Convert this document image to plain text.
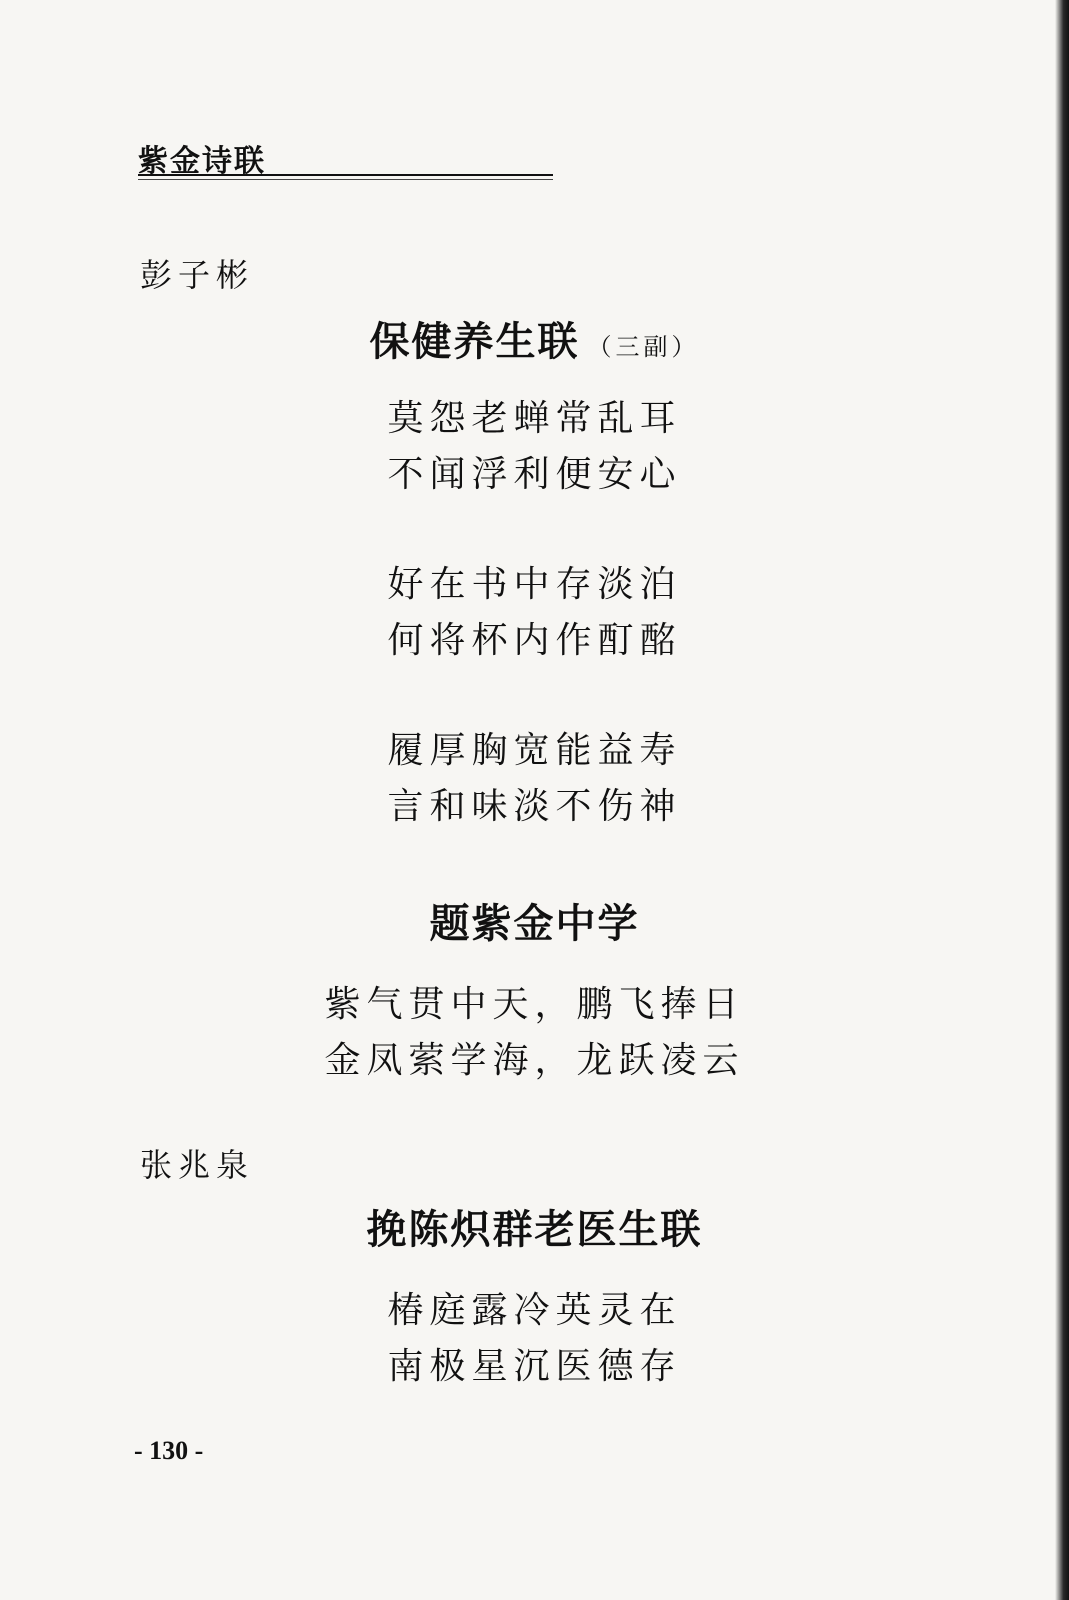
紫金诗联
彭子彬
保健养生联 （三副）
莫怨老蝉常乱耳
不闻浮利便安心
好在书中存淡泊
何将杯内作酊酩
履厚胸宽能益寿
言和味淡不伤神
题紫金中学
紫气贯中天，鹏飞捧日
金凤萦学海，龙跃凌云
张兆泉
挽陈炽群老医生联
椿庭露冷英灵在
南极星沉医德存
- 130 -
